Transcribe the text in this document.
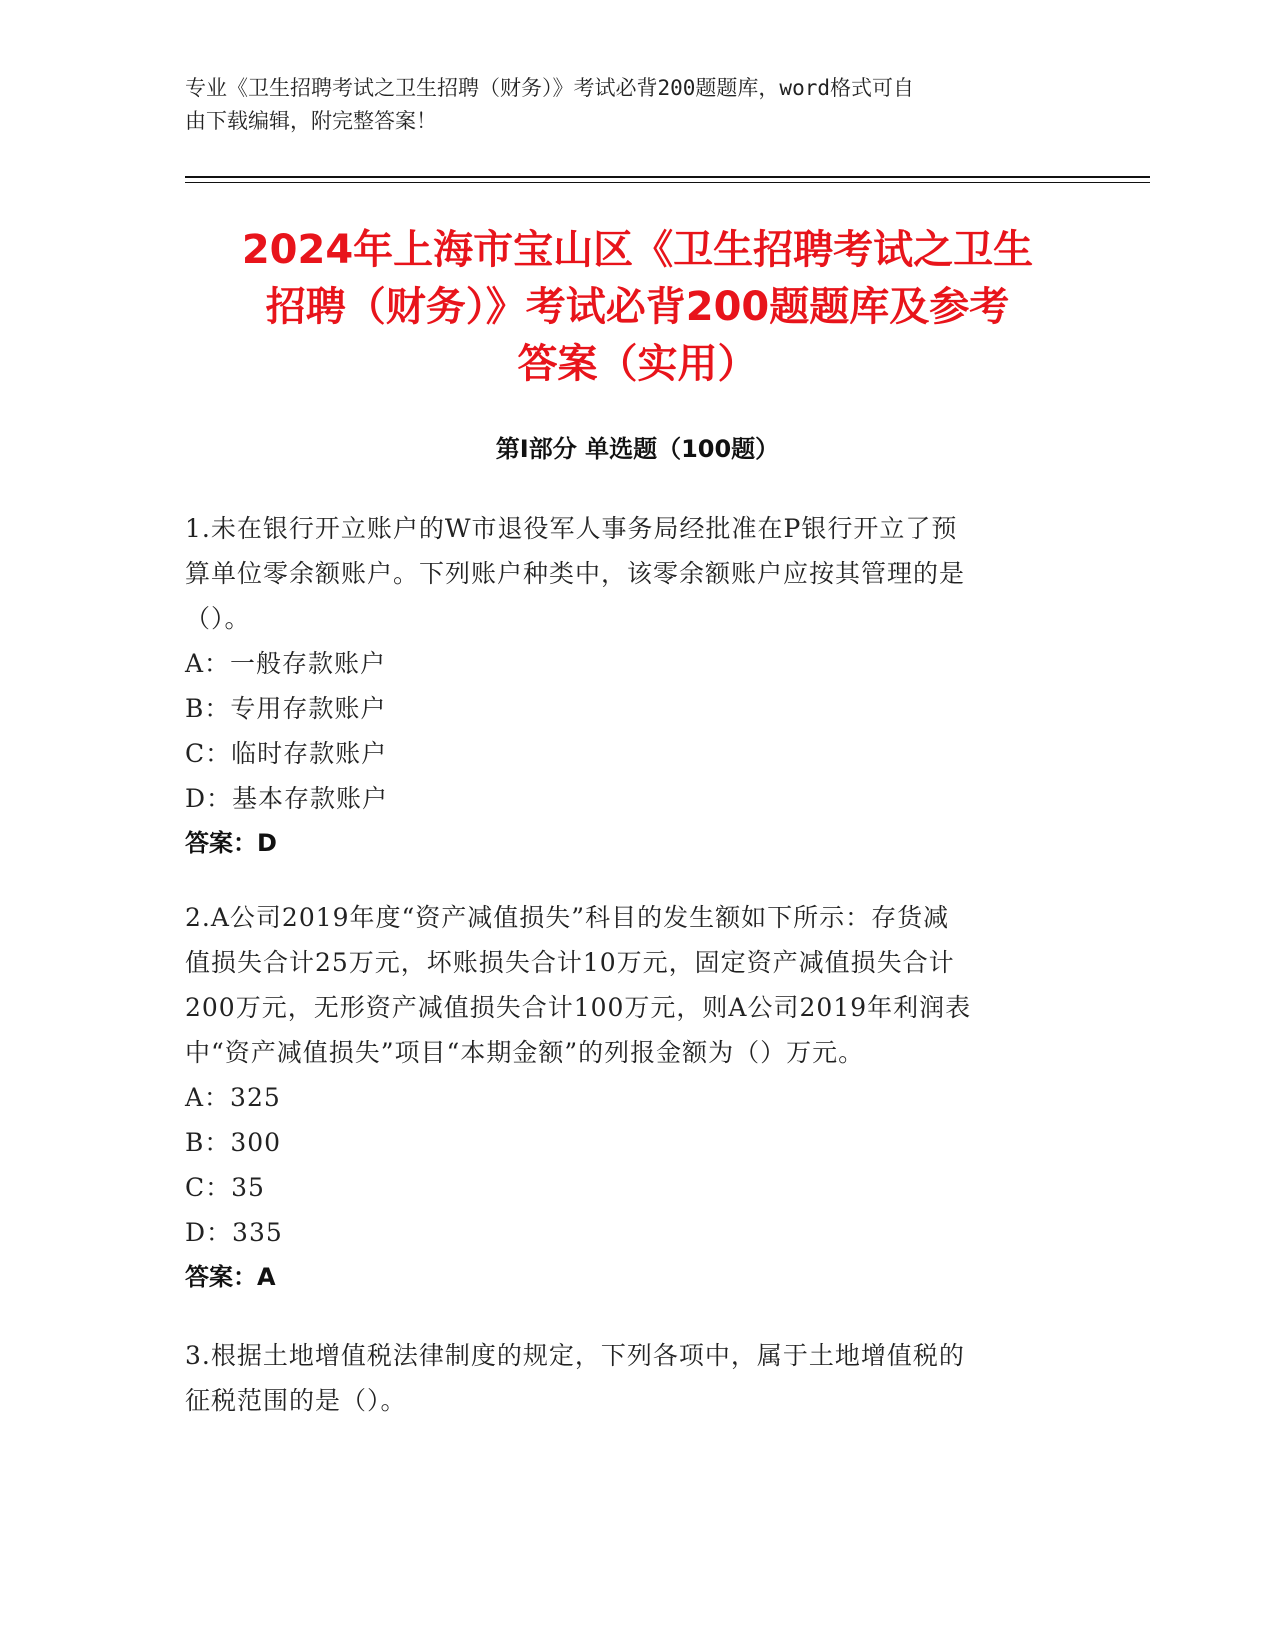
专业《卫生招聘考试之卫生招聘（财务）》考试必背200题题库，word格式可自
由下载编辑，附完整答案！
2024年上海市宝山区《卫生招聘考试之卫生
招聘（财务）》考试必背200题题库及参考
答案（实用）
第Ⅰ部分 单选题（100题）
1.未在银行开立账户的W市退役军人事务局经批准在P银行开立了预
算单位零余额账户。下列账户种类中，该零余额账户应按其管理的是
（）。
A：一般存款账户
B：专用存款账户
C：临时存款账户
D：基本存款账户
答案：D
2.A公司2019年度“资产减值损失”科目的发生额如下所示：存货减
值损失合计25万元，坏账损失合计10万元，固定资产减值损失合计
200万元，无形资产减值损失合计100万元，则A公司2019年利润表
中“资产减值损失”项目“本期金额”的列报金额为（）万元。
A：325
B：300
C：35
D：335
答案：A
3.根据土地增值税法律制度的规定，下列各项中，属于土地增值税的
征税范围的是（）。
